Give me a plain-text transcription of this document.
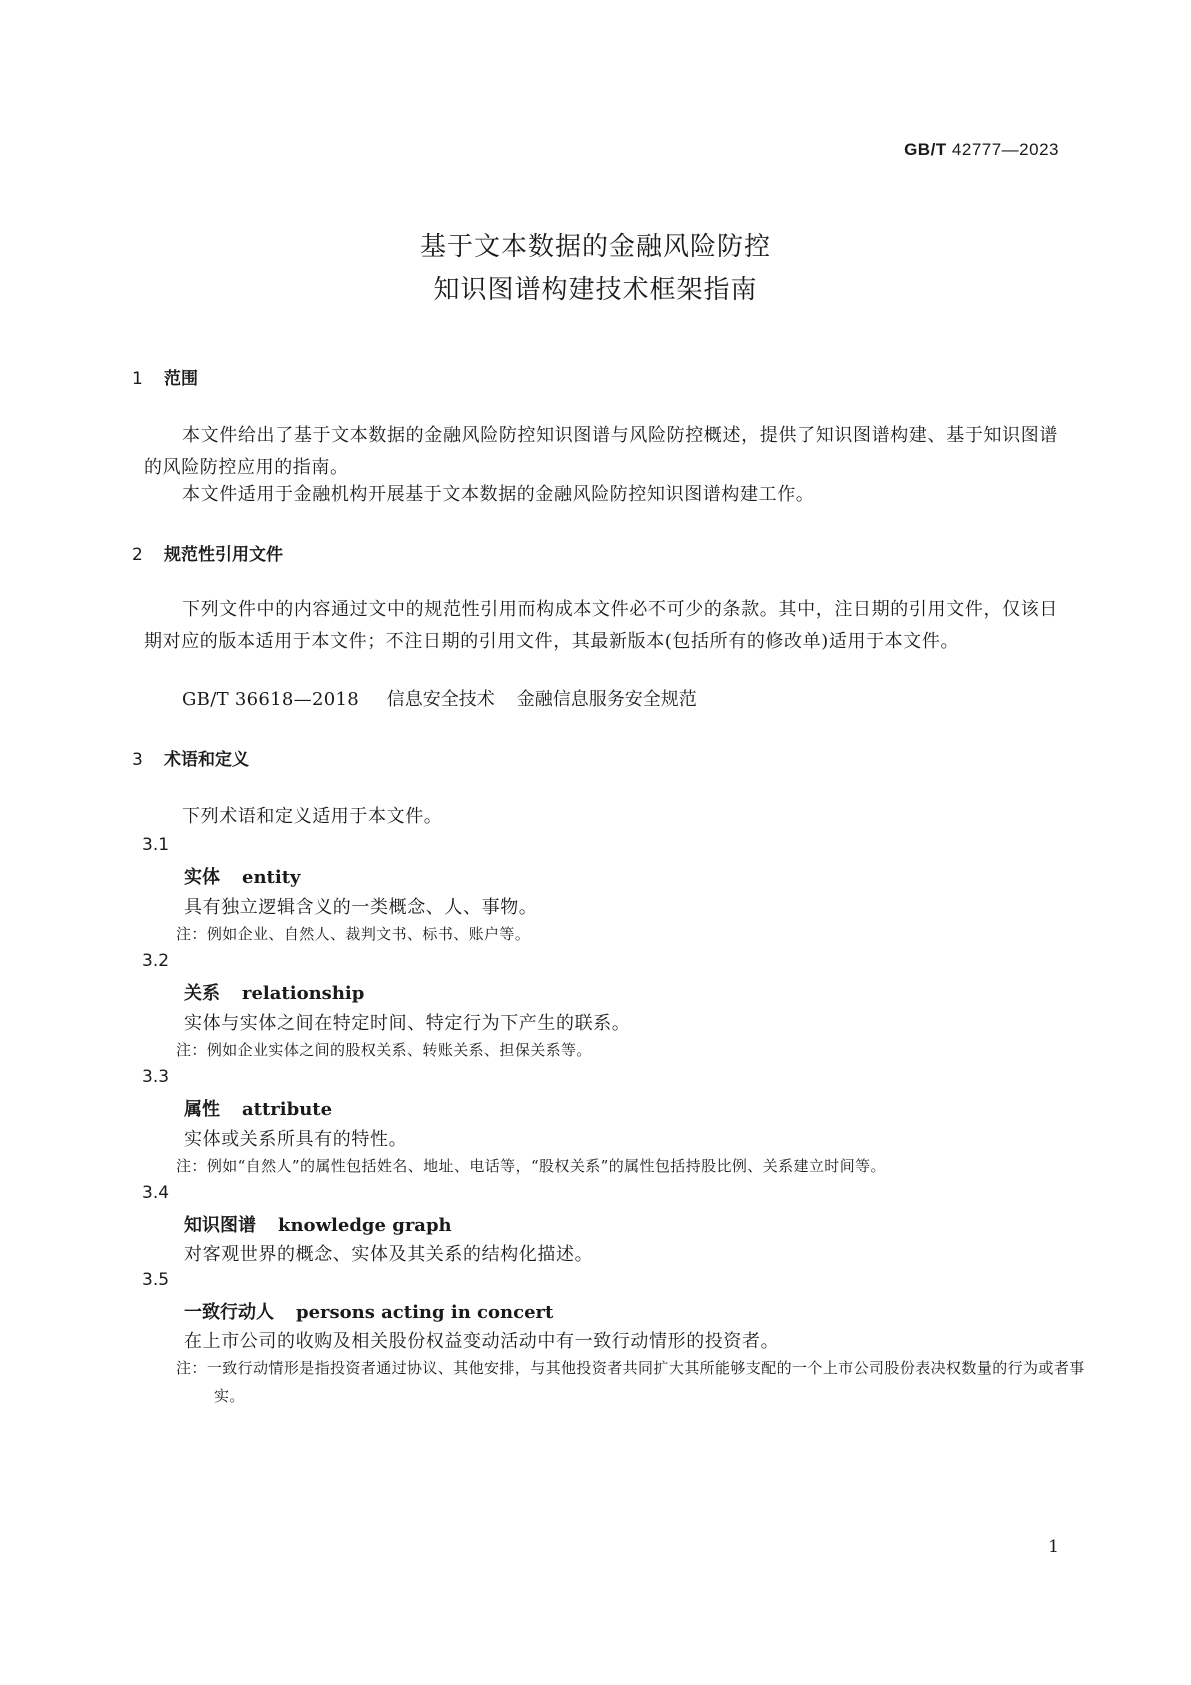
GB/T 42777—2023
基于文本数据的金融风险防控
知识图谱构建技术框架指南
1 范围
本文件给出了基于文本数据的金融风险防控知识图谱与风险防控概述，提供了知识图谱构建、基于知识图谱的风险防控应用的指南。
本文件适用于金融机构开展基于文本数据的金融风险防控知识图谱构建工作。
2 规范性引用文件
下列文件中的内容通过文中的规范性引用而构成本文件必不可少的条款。其中，注日期的引用文件，仅该日期对应的版本适用于本文件；不注日期的引用文件，其最新版本(包括所有的修改单)适用于本文件。
GB/T 36618—2018 信息安全技术 金融信息服务安全规范
3 术语和定义
下列术语和定义适用于本文件。
3.1
实体 entity
具有独立逻辑含义的一类概念、人、事物。
注：例如企业、自然人、裁判文书、标书、账户等。
3.2
关系 relationship
实体与实体之间在特定时间、特定行为下产生的联系。
注：例如企业实体之间的股权关系、转账关系、担保关系等。
3.3
属性 attribute
实体或关系所具有的特性。
注：例如“自然人”的属性包括姓名、地址、电话等，“股权关系”的属性包括持股比例、关系建立时间等。
3.4
知识图谱 knowledge graph
对客观世界的概念、实体及其关系的结构化描述。
3.5
一致行动人 persons acting in concert
在上市公司的收购及相关股份权益变动活动中有一致行动情形的投资者。
注：一致行动情形是指投资者通过协议、其他安排，与其他投资者共同扩大其所能够支配的一个上市公司股份表决权数量的行为或者事实。
1
